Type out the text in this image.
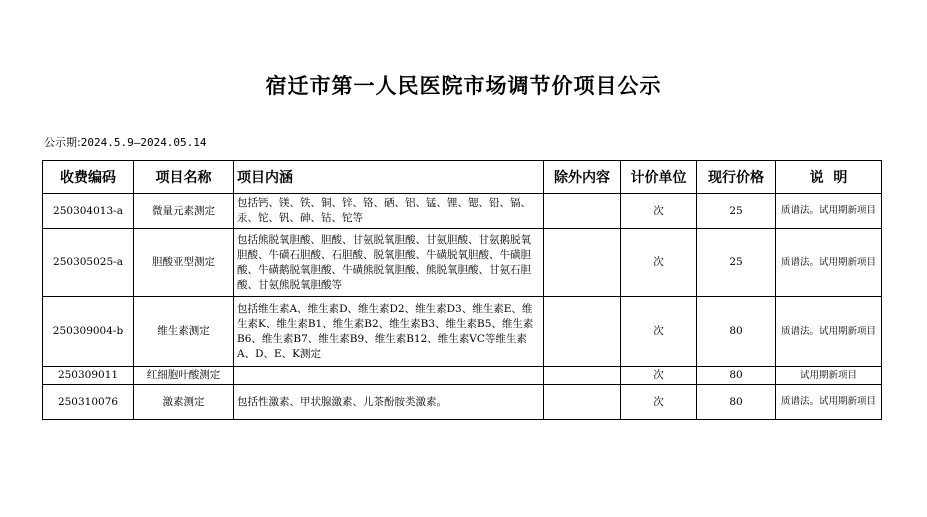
宿迁市第一人民医院市场调节价项目公示
公示期:2024.5.9—2024.05.14
收费编码	项目名称	项目内涵	除外内容	计价单位	现行价格	说  明
250304013-a	微量元素测定	包括钙、镁、铁、铜、锌、铬、硒、铝、锰、锂、锶、铅、镉、汞、铊、钒、砷、钴、铊等		次	25	质谱法。试用期新项目
250305025-a	胆酸亚型测定	包括熊脱氧胆酸、胆酸、甘氨脱氧胆酸、甘氨胆酸、甘氨鹅脱氧胆酸、牛磺石胆酸、石胆酸、脱氧胆酸、牛磺脱氧胆酸、牛磺胆酸、牛磺鹅脱氧胆酸、牛磺熊脱氧胆酸、熊脱氧胆酸、甘氨石胆酸、甘氨熊脱氧胆酸等		次	25	质谱法。试用期新项目
250309004-b	维生素测定	包括维生素A、维生素D、维生素D2、维生素D3、维生素E、维生素K、维生素B1、维生素B2、维生素B3、维生素B5、维生素B6、维生素B7、维生素B9、维生素B12、维生素VC等维生素A、D、E、K测定		次	80	质谱法。试用期新项目
250309011	红细胞叶酸测定			次	80	试用期新项目
250310076	激素测定	包括性激素、甲状腺激素、儿茶酚胺类激素。		次	80	质谱法。试用期新项目
